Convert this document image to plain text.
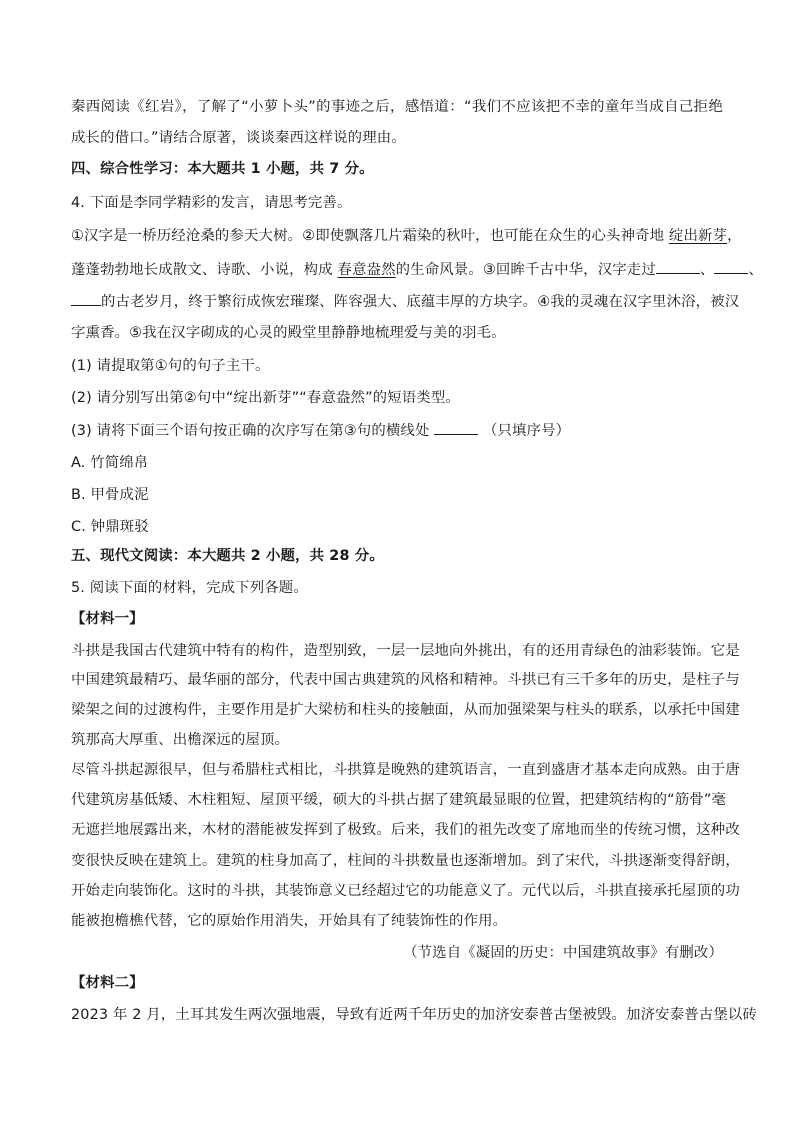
秦西阅读《红岩》，了解了“小萝卜头”的事迹之后，感悟道：“我们不应该把不幸的童年当成自己拒绝
成长的借口。”请结合原著，谈谈秦西这样说的理由。
四、综合性学习：本大题共 1 小题，共 7 分。
4. 下面是李同学精彩的发言，请思考完善。
①汉字是一桥历经沧桑的参天大树。②即使飘落几片霜染的秋叶，也可能在众生的心头神奇地 绽出新芽，
蓬蓬勃勃地长成散文、诗歌、小说，构成 春意盎然的生命风景。③回眸千古中华，汉字走过	、 、
的古老岁月，终于繁衍成恢宏璀璨、阵容强大、底蕴丰厚的方块字。④我的灵魂在汉字里沐浴，被汉
字熏香。⑤我在汉字砌成的心灵的殿堂里静静地梳理爱与美的羽毛。
(1) 请提取第①句的句子主干。
(2) 请分别写出第②句中“绽出新芽”“春意盎然”的短语类型。
(3) 请将下面三个语句按正确的次序写在第③句的横线处	（只填序号）
A. 竹简绵帛
B. 甲骨成泥
C. 钟鼎斑驳
五、现代文阅读：本大题共 2 小题，共 28 分。
5. 阅读下面的材料，完成下列各题。
【材料一】
斗拱是我国古代建筑中特有的构件，造型别致，一层一层地向外挑出，有的还用青绿色的油彩装饰。它是
中国建筑最精巧、最华丽的部分，代表中国古典建筑的风格和精神。斗拱已有三千多年的历史，是柱子与
梁架之间的过渡构件，主要作用是扩大梁枋和柱头的接触面，从而加强梁架与柱头的联系，以承托中国建
筑那高大厚重、出檐深远的屋顶。
尽管斗拱起源很早，但与希腊柱式相比，斗拱算是晚熟的建筑语言，一直到盛唐才基本走向成熟。由于唐
代建筑房基低矮、木柱粗短、屋顶平缓，硕大的斗拱占据了建筑最显眼的位置，把建筑结构的“筋骨”毫
无遮拦地展露出来，木材的潜能被发挥到了极致。后来，我们的祖先改变了席地而坐的传统习惯，这种改
变很快反映在建筑上。建筑的柱身加高了，柱间的斗拱数量也逐渐增加。到了宋代，斗拱逐渐变得舒朗，
开始走向装饰化。这时的斗拱，其装饰意义已经超过它的功能意义了。元代以后，斗拱直接承托屋顶的功
能被抱檐樵代替，它的原始作用消失，开始具有了纯装饰性的作用。
（节选自《凝固的历史：中国建筑故事》有删改）
【材料二】
2023 年 2 月，土耳其发生两次强地震，导致有近两千年历史的加济安泰普古堡被毁。加济安泰普古堡以砖
